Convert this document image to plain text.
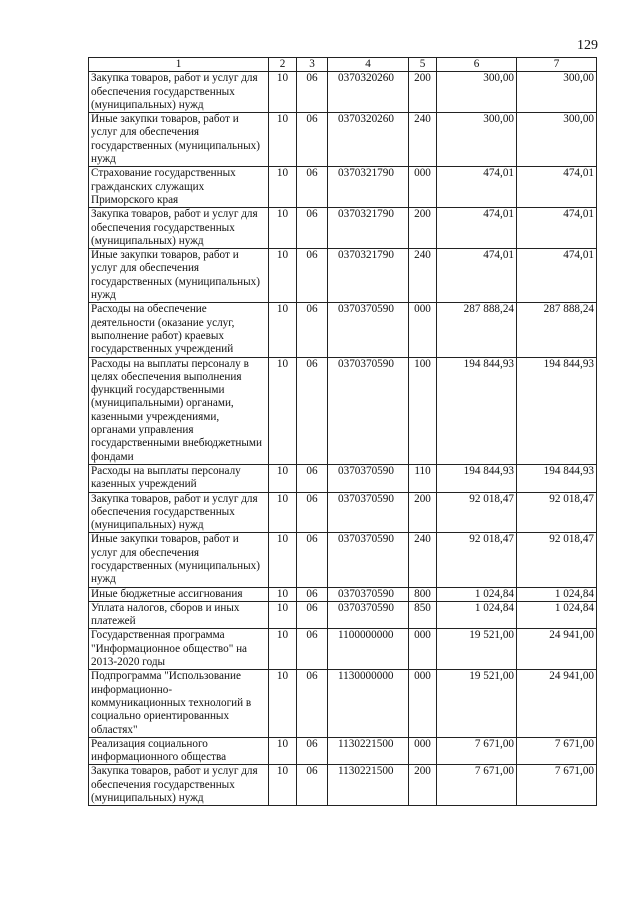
129
1	2	3	4	5	6	7
Закупка товаров, работ и услуг для обеспечения государственных (муниципальных) нужд	10	06	0370320260	200	300,00	300,00
Иные закупки товаров, работ и услуг для обеспечения государственных (муниципальных) нужд	10	06	0370320260	240	300,00	300,00
Страхование государственных гражданских служащих Приморского края	10	06	0370321790	000	474,01	474,01
Закупка товаров, работ и услуг для обеспечения государственных (муниципальных) нужд	10	06	0370321790	200	474,01	474,01
Иные закупки товаров, работ и услуг для обеспечения государственных (муниципальных) нужд	10	06	0370321790	240	474,01	474,01
Расходы на обеспечение деятельности (оказание услуг, выполнение работ) краевых государственных учреждений	10	06	0370370590	000	287 888,24	287 888,24
Расходы на выплаты персоналу в целях обеспечения выполнения функций государственными (муниципальными) органами, казенными учреждениями, органами управления государственными внебюджетными фондами	10	06	0370370590	100	194 844,93	194 844,93
Расходы на выплаты персоналу казенных учреждений	10	06	0370370590	110	194 844,93	194 844,93
Закупка товаров, работ и услуг для обеспечения государственных (муниципальных) нужд	10	06	0370370590	200	92 018,47	92 018,47
Иные закупки товаров, работ и услуг для обеспечения государственных (муниципальных) нужд	10	06	0370370590	240	92 018,47	92 018,47
Иные бюджетные ассигнования	10	06	0370370590	800	1 024,84	1 024,84
Уплата налогов, сборов и иных платежей	10	06	0370370590	850	1 024,84	1 024,84
Государственная программа "Информационное общество" на 2013-2020 годы	10	06	1100000000	000	19 521,00	24 941,00
Подпрограмма "Использование информационно-коммуникационных технологий в социально ориентированных областях"	10	06	1130000000	000	19 521,00	24 941,00
Реализация социального информационного общества	10	06	1130221500	000	7 671,00	7 671,00
Закупка товаров, работ и услуг для обеспечения государственных (муниципальных) нужд	10	06	1130221500	200	7 671,00	7 671,00
